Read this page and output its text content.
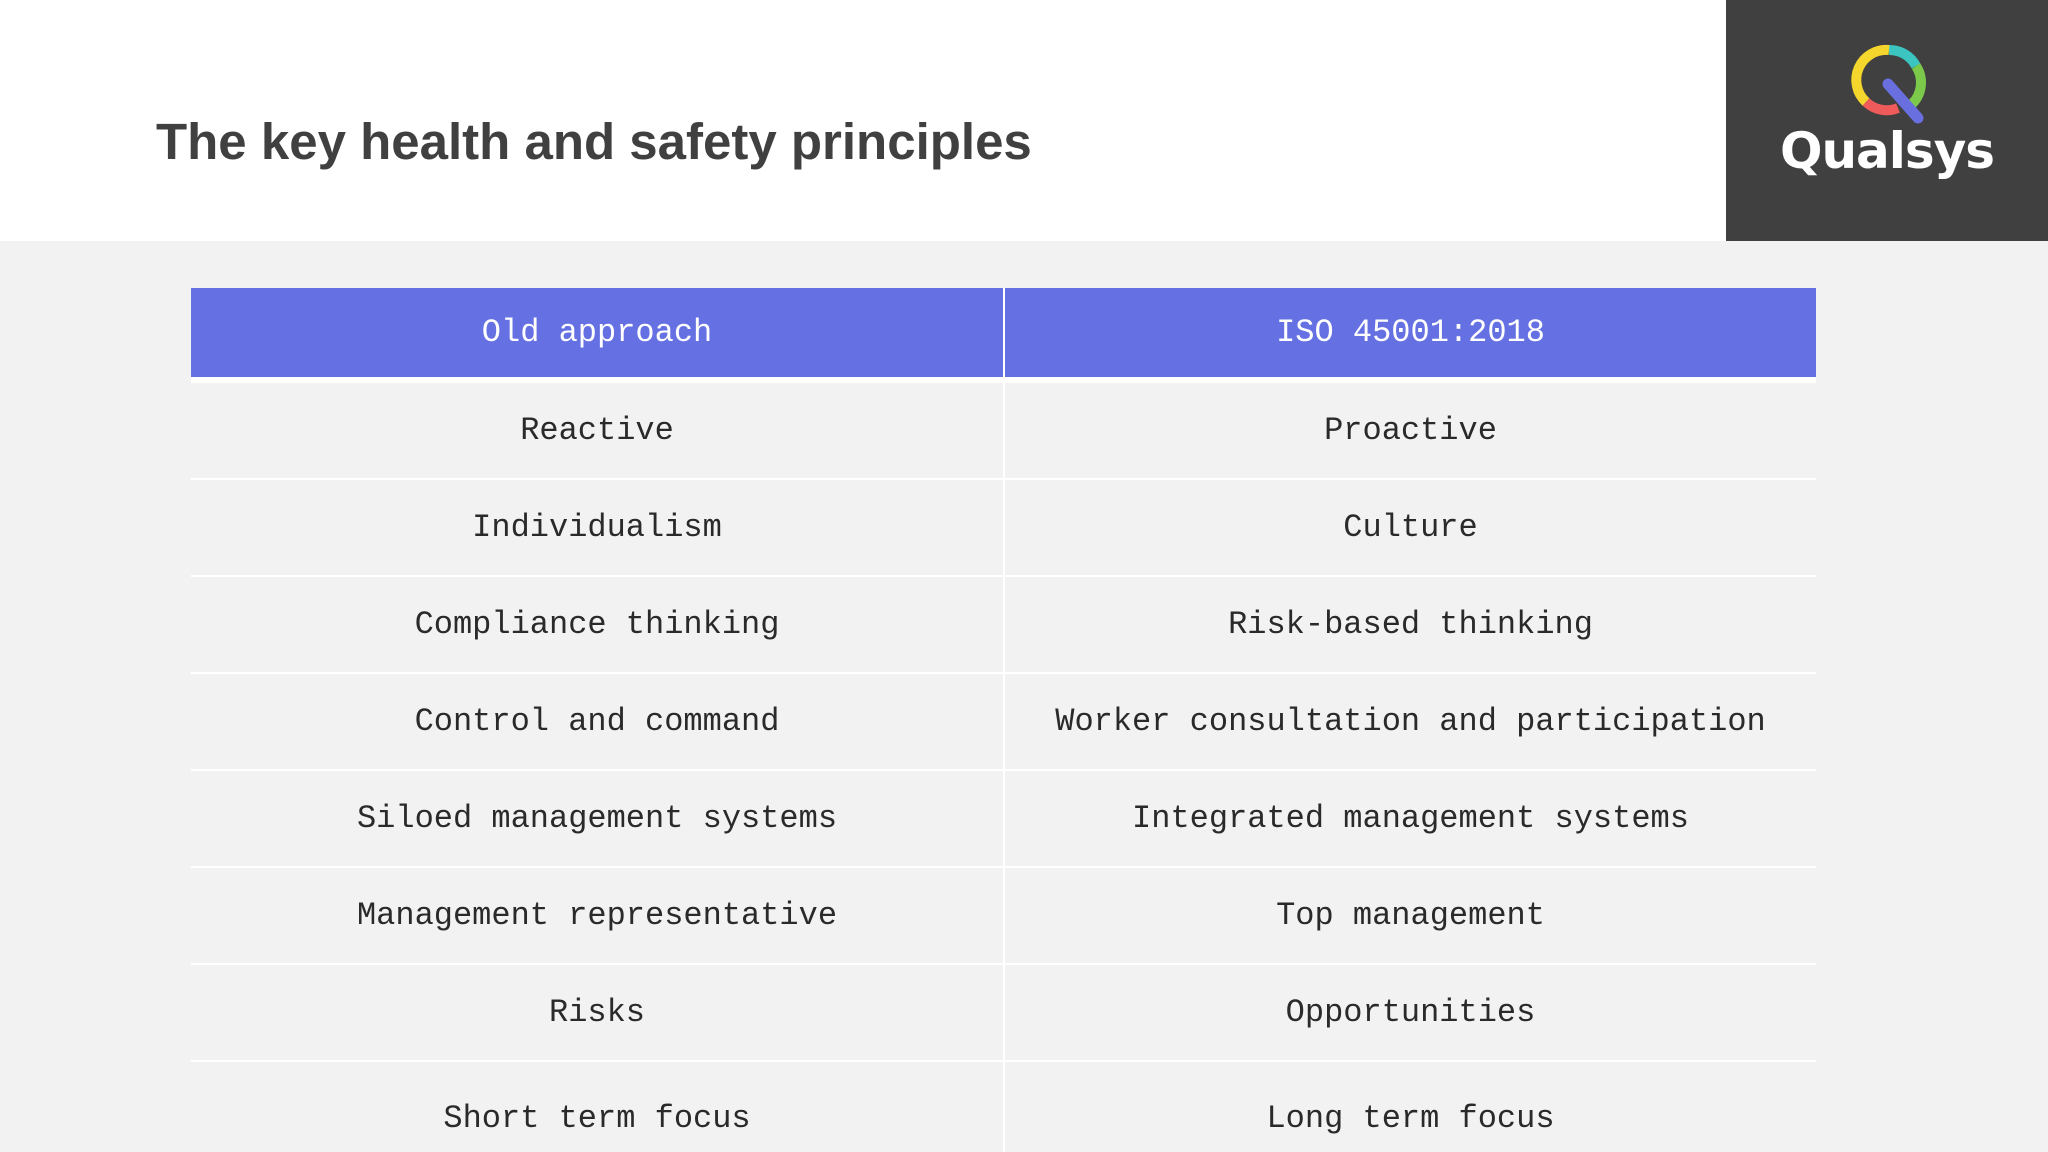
The key health and safety principles	Qualsys
Old approach	ISO 45001:2018
Reactive	Proactive
Individualism	Culture
Compliance thinking	Risk-based thinking
Control and command	Worker consultation and participation
Siloed management systems	Integrated management systems
Management representative	Top management
Risks	Opportunities
Short term focus	Long term focus
